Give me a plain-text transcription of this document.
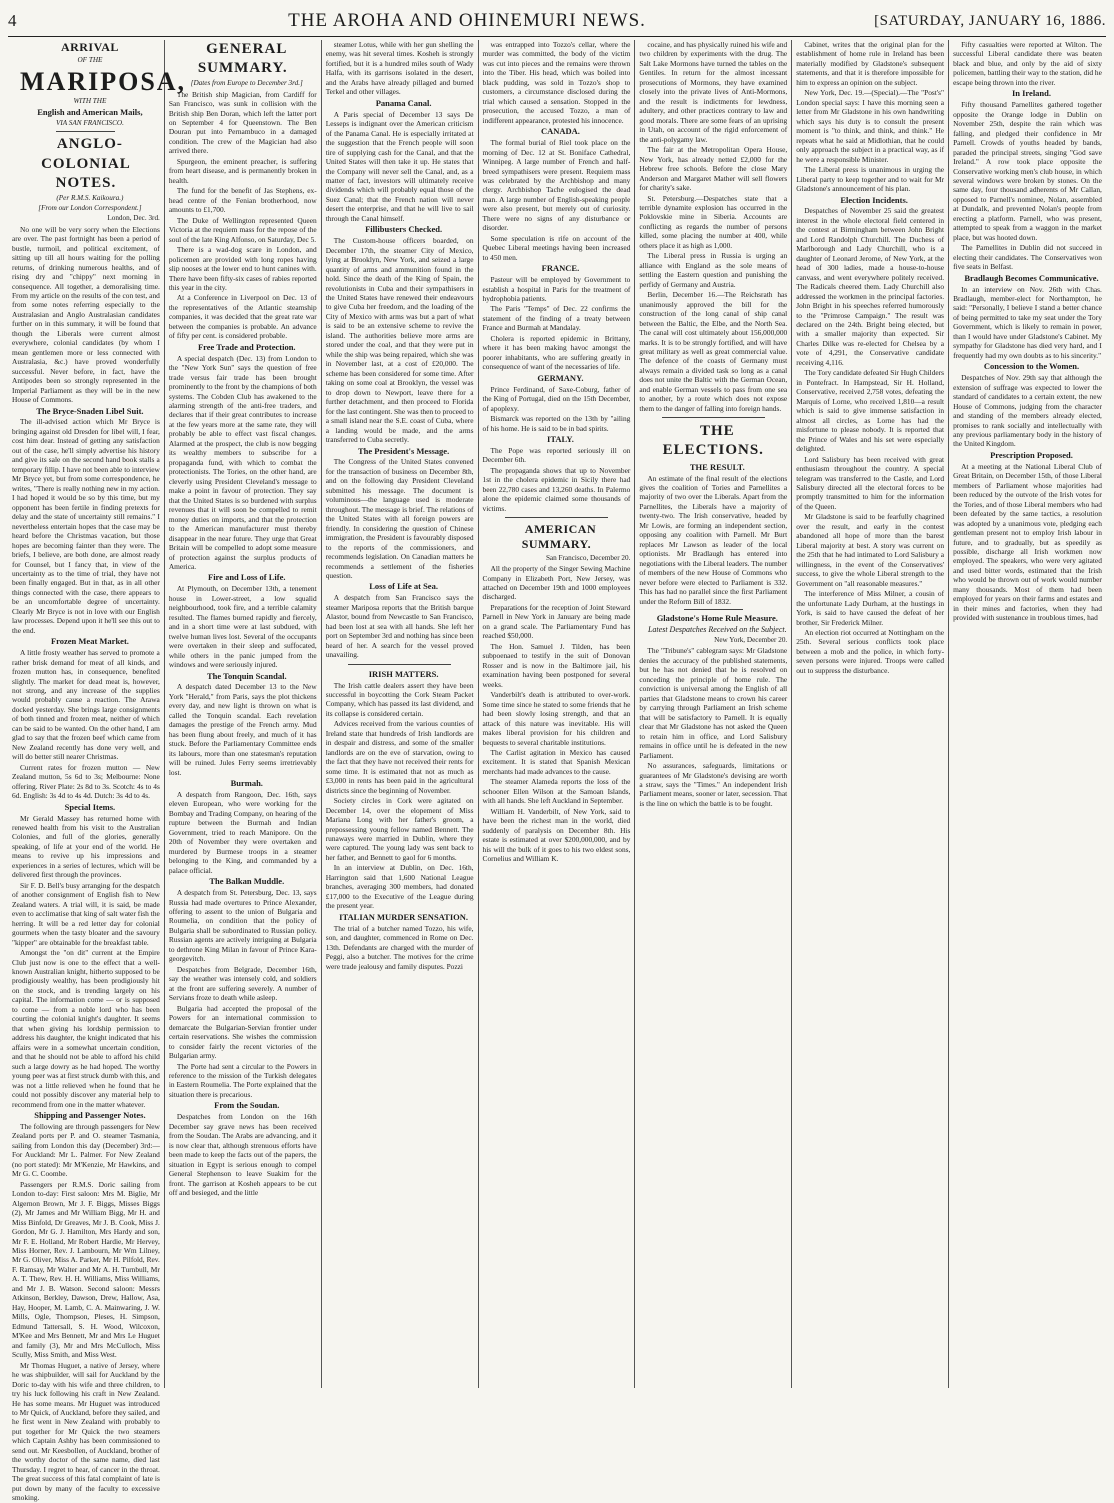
4	THE AROHA AND OHINEMURI NEWS.	[SATURDAY, JANUARY 16, 1886.

ARRIVAL

OF THE

MARIPOSA,

WITH THE

English and American Mails,

VIA SAN FRANCISCO.

ANGLO-COLONIAL NOTES.

(Per R.M.S. Kaikoura.)

[From our London Correspondent.]

London, Dec. 3rd.

No one will be very sorry when the Elections are over. The past fortnight has been a period of bustle, turmoil, and political excitement, of sitting up till all hours waiting for the polling returns, of drinking numerous healths, and of rising dry and "chippy" next morning in consequence. All together, a demoralising time. From my article on the results of the con test, and from some notes referring especially to the Australasian and Anglo Australasian candidates further on in this summary, it will be found that though the Liberals were current almost everywhere, colonial candidates (by whom I mean gentlemen more or less connected with Australasia, &c.) have proved wonderfully successful. Never before, in fact, have the Antipodes been so strongly represented in the Imperial Parliament as they will be in the new House of Commons.

The Bryce-Snaden Libel Suit.

The ill-advised action which Mr Bryce is bringing against old Dresden for libel will, I fear, cost him dear. Instead of getting any satisfaction out of the case, he'll simply advertise his history and give its sale on the second hand book stalls a temporary fillip. I have not been able to interview Mr Bryce yet, but from some correspondence, he writes, "There is really nothing new in my action. I had hoped it would be so by this time, but my opponent has been fertile in finding pretexts for delay and the state of uncertainty still remains." I nevertheless entertain hopes that the case may be heard before the Christmas vacation, but those hopes are becoming fainter than they were. The briefs, I believe, are both done, are almost ready for Counsel, but I fancy that, in view of the uncertainty as to the time of trial, they have not been finally engaged. But in that, as in all other things connected with the case, there appears to be an uncomfortable degree of uncertainty. Clearly Mr Bryce is not in love with our English law processes. Depend upon it he'll see this out to the end.

Frozen Meat Market.

A little frosty weather has served to promote a rather brisk demand for meat of all kinds, and frozen mutton has, in consequence, benefited slightly. The market for dead meat is, however, not strong, and any increase of the supplies would probably cause a reaction. The Arawa docked yesterday. She brings large consignments of both tinned and frozen meat, neither of which can be said to be wanted. On the other hand, I am glad to say that the frozen beef which came from New Zealand recently has done very well, and will do better still nearer Christmas.

Current rates for frozen mutton — New Zealand mutton, 5s 6d to 3s; Melbourne: None offering. River Plate: 2s 8d to 3s. Scotch: 4s to 4s 6d. English: 3s 4d to 4s 4d. Dutch: 3s 4d to 4s.

Special Items.

Mr Gerald Massey has returned home with renewed health from his visit to the Australian Colonies, and full of the glories, generally speaking, of life at your end of the world. He means to revive up his impressions and experiences in a series of lectures, which will be delivered first through the provinces.

Sir F. D. Bell's busy arranging for the despatch of another consignment of English fish to New Zealand waters. A trial will, it is said, be made even to acclimatise that king of salt water fish the herring. It will be a red letter day for colonial gourmets when the tasty bloater and the savoury "kipper" are obtainable for the breakfast table.

Amongst the "on dit" current at the Empire Club just now is one to the effect that a well-known Australian knight, hitherto supposed to be prodigiously wealthy, has been prodigiously hit on the stock, and is trending largely on his capital. The information come — or is supposed to come — from a noble lord who has been courting the colonial knight's daughter. It seems that when giving his lordship permission to address his daughter, the knight indicated that his affairs were in a somewhat uncertain condition, and that he should not be able to afford his child such a large dowry as he had hoped. The worthy young peer was at first struck dumb with this, and was not a little relieved when he found that he could not possibly discover any material help to recommend from one in the matter whatever.

Shipping and Passenger Notes.

The following are through passengers for New Zealand ports per P. and O. steamer Tasmania, sailing from London this day (December) 3rd:— For Auckland: Mr L. Palmer. For New Zealand (no port stated): Mr M'Kenzie, Mr Hawkins, and Mr G. C. Coombe.

Passengers per R.M.S. Doric sailing from London to-day: First saloon: Mrs M. Biglie, Mr Algernon Brown, Mr J. F. Biggs, Misses Biggs (2), Mr James and Mr William Bigg, Mr H. and Miss Binfold, Dr Greaves, Mr J. B. Cook, Miss J. Gordon, Mr G. J. Hamilton, Mrs Hardy and son, Mr F. E. Holland, Mr Robert Hardie, Mr Hervey, Miss Horner, Rev. J. Lambourn, Mr Wm Lilney, Mr G. Oliver, Miss A. Parker, Mr H. Pilfold, Rev. F. Ramsay, Mr Walter and Mr A. H. Turnbull, Mr A. T. Thew, Rev. H. H. Williams, Miss Williams, and Mr J. B. Watson. Second saloon: Messrs Atkinson, Berkley, Dawson, Drew, Hallow, Asa, Hay, Hooper, M. Lamb, C. A. Mainwaring, J. W. Mills, Ogle, Thompson, Pleses, H. Simpson, Edmund Tattersall, S. H. Wood, Wilcoxon, M'Kee and Mrs Bennett, Mr and Mrs Le Huguet and family (3), Mr and Mrs McCulloch, Miss Scully, Miss Smith, and Miss West.

Mr Thomas Huguet, a native of Jersey, where he was shipbuilder, will sail for Auckland by the Doric to-day with his wife and three children, to try his luck following his craft in New Zealand. He has some means. Mr Huguet was introduced to Mr Quick, of Auckland, before they sailed, and he first went in New Zealand with probably to put together for Mr Quick the two steamers which Captain Ashby has been commissioned to send out. Mr Keesbollen, of Auckland, brother of the worthy doctor of the same name, died last Thursday. I regret to hear, of cancer in the throat. The great success of this fatal complaint of late is put down by many of the faculty to excessive smoking.

GENERAL SUMMARY.

[Dates from Europe to December 3rd.]

The British ship Magician, from Cardiff for San Francisco, was sunk in collision with the British ship Ben Doran, which left the latter port on September 4 for Queenstown. The Ben Douran put into Pernambuco in a damaged condition. The crew of the Magician had also arrived there.

Spurgeon, the eminent preacher, is suffering from heart disease, and is permanently broken in health.

The fund for the benefit of Jas Stephens, ex-head centre of the Fenian brotherhood, now amounts to £1,700.

The Duke of Wellington represented Queen Victoria at the requiem mass for the repose of the soul of the late King Alfonso, on Saturday, Dec 5.

There is a wad-dog scare in London, and policemen are provided with long ropes having slip nooses at the lower end to hunt canines with. There have been fifty-six cases of rabies reported this year in the city.

At a Conference in Liverpool on Dec. 13 of the representatives of the Atlantic steamship companies, it was decided that the great rate war between the companies is probable. An advance of fifty per cent. is considered probable.

Free Trade and Protection.

A special despatch (Dec. 13) from London to the "New York Sun" says the question of free trade versus fair trade has been brought prominently to the front by the champions of both systems. The Cobden Club has awakened to the alarming strength of the anti-free traders, and declares that if their great contributes to increase at the few years more at the same rate, they will probably be able to effect vast fiscal changes. Alarmed at the prospect, the club is now begging its wealthy members to subscribe for a propaganda fund, with which to combat the protectionists. The Tories, on the other hand, are cleverly using President Cleveland's message to make a point in favour of protection. They say that the United States is so burdened with surplus revenues that it will soon be compelled to remit money duties on imports, and that the protection to the American manufacturer must thereby disappear in the near future. They urge that Great Britain will be compelled to adopt some measure of protection against the surplus products of America.

Fire and Loss of Life.

At Plymouth, on December 13th, a tenement house in Lower-street, a low squalid neighbourhood, took fire, and a terrible calamity resulted. The flames burned rapidly and fiercely, and in a short time were at last subdued, with twelve human lives lost. Several of the occupants were overtaken in their sleep and suffocated, while others in the panic jumped from the windows and were seriously injured.

The Tonquin Scandal.

A despatch dated December 13 to the New York "Herald," from Paris, says the plot thickens every day, and new light is thrown on what is called the Tonquin scandal. Each revelation damages the prestige of the French army. Mud has been flung about freely, and much of it has stuck. Before the Parliamentary Committee ends its labours, more than one statesman's reputation will be ruined. Jules Ferry seems irretrievably lost.

Burmah.

A despatch from Rangoon, Dec. 16th, says eleven European, who were working for the Bombay and Trading Company, on hearing of the rupture between the Burmah and Indian Government, tried to reach Manipore. On the 20th of November they were overtaken and murdered by Burmese troops in a steamer belonging to the King, and commanded by a palace official.

The Balkan Muddle.

A despatch from St. Petersburg, Dec. 13, says Russia had made overtures to Prince Alexander, offering to assent to the union of Bulgaria and Roumelia, on condition that the policy of Bulgaria shall be subordinated to Russian policy. Russian agents are actively intriguing at Bulgaria to dethrone King Milan in favour of Prince Kara-georgevitch.

Despatches from Belgrade, December 16th, say the weather was intensely cold, and soldiers at the front are suffering severely. A number of Servians froze to death while asleep.

Bulgaria had accepted the proposal of the Powers for an international commission to demarcate the Bulgarian-Servian frontier under certain reservations. She wishes the commission to consider fairly the recent victories of the Bulgarian army.

The Porte had sent a circular to the Powers in reference to the mission of the Turkish delegates in Eastern Roumelia. The Porte explained that the situation there is precarious.

From the Soudan.

Despatches from London on the 16th December say grave news has been received from the Soudan. The Arabs are advancing, and it is now clear that, although strenuous efforts have been made to keep the facts out of the papers, the situation in Egypt is serious enough to compel General Stephenson to leave Suakim for the front. The garrison at Kosheh appears to be cut off and besieged, and the little

steamer Lotus, while with her gun shelling the enemy, was hit several times. Kosheh is strongly fortified, but it is a hundred miles south of Wady Halfa, with its garrisons isolated in the desert, and the Arabs have already pillaged and burned Terkel and other villages.

Panama Canal.

A Paris special of December 13 says De Lesseps is indignant over the American criticism of the Panama Canal. He is especially irritated at the suggestion that the French people will soon tire of supplying cash for the Canal, and that the United States will then take it up. He states that the Company will never sell the Canal, and, as a matter of fact, investors will ultimately receive dividends which will probably equal those of the Suez Canal; that the French nation will never desert the enterprise, and that he will live to sail through the Canal himself.

Fillibusters Checked.

The Custom-house officers boarded, on December 17th, the steamer City of Mexico, lying at Brooklyn, New York, and seized a large quantity of arms and ammunition found in the hold. Since the death of the King of Spain, the revolutionists in Cuba and their sympathisers in the United States have renewed their endeavours to give Cuba her freedom, and the loading of the City of Mexico with arms was but a part of what is said to be an extensive scheme to revive the island. The authorities believe more arms are stored under the coal, and that they were put in while the ship was being repaired, which she was in November last, at a cost of £20,000. The scheme has been considered for some time. After taking on some coal at Brooklyn, the vessel was to drop down to Newport, leave there for a further detachment, and then proceed to Florida for the last contingent. She was then to proceed to a small island near the S.E. coast of Cuba, where a landing would be made, and the arms transferred to Cuba secretly.

The President's Message.

The Congress of the United States convened for the transaction of business on December 8th, and on the following day President Cleveland submitted his message. The document is voluminous—the language used is moderate throughout. The message is brief. The relations of the United States with all foreign powers are friendly. In considering the question of Chinese immigration, the President is favourably disposed to the reports of the commissioners, and recommends legislation. On Canadian matters he recommends a settlement of the fisheries question.

Loss of Life at Sea.

A despatch from San Francisco says the steamer Mariposa reports that the British barque Alastor, bound from Newcastle to San Francisco, had been lost at sea with all hands. She left her port on September 3rd and nothing has since been heard of her. A search for the vessel proved unavailing.

IRISH MATTERS.

The Irish cattle dealers assert they have been successful in boycotting the Cork Steam Packet Company, which has passed its last dividend, and its collapse is considered certain.

Advices received from the various counties of Ireland state that hundreds of Irish landlords are in despair and distress, and some of the smaller landlords are on the eve of starvation, owing to the fact that they have not received their rents for some time. It is estimated that not as much as £3,000 in rents has been paid in the agricultural districts since the beginning of November.

Society circles in Cork were agitated on December 14, over the elopement of Miss Mariana Long with her father's groom, a prepossessing young fellow named Bennett. The runaways were married in Dublin, where they were captured. The young lady was sent back to her father, and Bennett to gaol for 6 months.

In an interview at Dublin, on Dec. 16th, Harrington said that 1,600 National League branches, averaging 300 members, had donated £17,000 to the Executive of the League during the present year.

ITALIAN MURDER SENSATION.

The trial of a butcher named Tozzo, his wife, son, and daughter, commenced in Rome on Dec. 13th. Defendants are charged with the murder of Peggi, also a butcher. The motives for the crime were trade jealousy and family disputes. Pozzi

was entrapped into Tozzo's cellar, where the murder was committed, the body of the victim was cut into pieces and the remains were thrown into the Tiber. His head, which was boiled into black pudding, was sold in Tozzo's shop to customers, a circumstance disclosed during the trial which caused a sensation. Stopped in the prosecution, the accused Tozzo, a man of indifferent appearance, protested his innocence.

CANADA.

The formal burial of Riel took place on the morning of Dec. 12 at St. Boniface Cathedral, Winnipeg. A large number of French and half-breed sympathisers were present. Requiem mass was celebrated by the Archbishop and many clergy. Archbishop Tache eulogised the dead man. A large number of English-speaking people were also present, but merely out of curiosity. There were no signs of any disturbance or disorder.

Some speculation is rife on account of the Quebec Liberal meetings having been increased to 450 men.

FRANCE.

Pasteur will be employed by Government to establish a hospital in Paris for the treatment of hydrophobia patients.

The Paris "Temps" of Dec. 22 confirms the statement of the finding of a treaty between France and Burmah at Mandalay.

Cholera is reported epidemic in Brittany, where it has been making havoc amongst the poorer inhabitants, who are suffering greatly in consequence of want of the necessaries of life.

GERMANY.

Prince Ferdinand, of Saxe-Coburg, father of the King of Portugal, died on the 15th December, of apoplexy.

Bismarck was reported on the 13th by "ailing of his home. He is said to be in bad spirits.

ITALY.

The Pope was reported seriously ill on December 6th.

The propaganda shows that up to November 1st in the cholera epidemic in Sicily there had been 22,780 cases and 13,260 deaths. In Palermo alone the epidemic claimed some thousands of victims.

AMERICAN SUMMARY.

San Francisco, December 20.

All the property of the Singer Sewing Machine Company in Elizabeth Port, New Jersey, was attached on December 19th and 1000 employees discharged.

Preparations for the reception of Joint Steward Parnell in New York in January are being made on a grand scale. The Parliamentary Fund has reached $50,000.

The Hon. Samuel J. Tilden, has been subpoenaed to testify in the suit of Donovan Rosser and is now in the Baltimore jail, his examination having been postponed for several weeks.

Vanderbilt's death is attributed to over-work. Some time since he stated to some friends that he had been slowly losing strength, and that an attack of this nature was inevitable. His will makes liberal provision for his children and bequests to several charitable institutions.

The Carlist agitation in Mexico has caused excitement. It is stated that Spanish Mexican merchants had made advances to the cause.

The steamer Alameda reports the loss of the schooner Ellen Wilson at the Samoan Islands, with all hands. She left Auckland in September.

William H. Vanderbilt, of New York, said to have been the richest man in the world, died suddenly of paralysis on December 8th. His estate is estimated at over $200,000,000, and by his will the bulk of it goes to his two eldest sons, Cornelius and William K.

cocaine, and has physically ruined his wife and two children by experiments with the drug. The Salt Lake Mormons have turned the tables on the Gentiles. In return for the almost incessant prosecutions of Mormons, they have examined closely into the private lives of Anti-Mormons, and the result is indictments for lewdness, adultery, and other practices contrary to law and good morals. There are some fears of an uprising in Utah, on account of the rigid enforcement of the anti-polygamy law.

The fair at the Metropolitan Opera House, New York, has already netted £2,000 for the Hebrew free schools. Before the close Mary Anderson and Margaret Mather will sell flowers for charity's sake.

St. Petersburg.—Despatches state that a terrible dynamite explosion has occurred in the Poklovskie mine in Siberia. Accounts are conflicting as regards the number of persons killed, some placing the number at 400, while others place it as high as 1,000.

The Liberal press in Russia is urging an alliance with England as the sole means of settling the Eastern question and punishing the perfidy of Germany and Austria.

Berlin, December 16.—The Reichsrath has unanimously approved the bill for the construction of the long canal of ship canal between the Baltic, the Elbe, and the North Sea. The canal will cost ultimately about 156,000,000 marks. It is to be strongly fortified, and will have great military as well as great commercial value. The defence of the coasts of Germany must always remain a divided task so long as a canal does not unite the Baltic with the German Ocean, and enable German vessels to pass from one sea to another, by a route which does not expose them to the danger of falling into foreign hands.

THE ELECTIONS.

THE RESULT.

An estimate of the final result of the elections gives the coalition of Tories and Parnellites a majority of two over the Liberals. Apart from the Parnellites, the Liberals have a majority of twenty-two. The Irish conservative, headed by Mr Lowis, are forming an independent section, opposing any coalition with Parnell. Mr Burt replaces Mr Lawson as leader of the local optionists. Mr Bradlaugh has entered into negotiations with the Liberal leaders. The number of members of the new House of Commons who never before were elected to Parliament is 332. This has had no parallel since the first Parliament under the Reform Bill of 1832.

Gladstone's Home Rule Measure.

Latest Despatches Received on the Subject.

New York, December 20.

The "Tribune's" cablegram says: Mr Gladstone denies the accuracy of the published statements, but he has not denied that he is resolved on conceding the principle of home rule. The conviction is universal among the English of all parties that Gladstone means to crown his career by carrying through Parliament an Irish scheme that will be satisfactory to Parnell. It is equally clear that Mr Gladstone has not asked the Queen to retain him in office, and Lord Salisbury remains in office until he is defeated in the new Parliament.

No assurances, safeguards, limitations or guarantees of Mr Gladstone's devising are worth a straw, says the "Times." An independent Irish Parliament means, sooner or later, secession. That is the line on which the battle is to be fought.

Cabinet, writes that the original plan for the establishment of home rule in Ireland has been materially modified by Gladstone's subsequent statements, and that it is therefore impossible for him to express an opinion on the subject.

New York, Dec. 19.—(Special).—The "Post's" London special says: I have this morning seen a letter from Mr Gladstone in his own handwriting which says his duty is to consult the present moment is "to think, and think, and think." He repeats what he said at Midlothian, that he could only approach the subject in a practical way, as if he were a responsible Minister.

The Liberal press is unanimous in urging the Liberal party to keep together and to wait for Mr Gladstone's announcement of his plan.

Election Incidents.

Despatches of November 25 said the greatest interest in the whole electoral field centered in the contest at Birmingham between John Bright and Lord Randolph Churchill. The Duchess of Marlborough and Lady Churchill, who is a daughter of Leonard Jerome, of New York, at the head of 300 ladies, made a house-to-house canvass, and went everywhere politely received. The Radicals cheered them. Lady Churchill also addressed the workmen in the principal factories. John Bright in his speeches referred humorously to the "Primrose Campaign." The result was declared on the 24th. Bright being elected, but with a smaller majority than expected. Sir Charles Dilke was re-elected for Chelsea by a vote of 4,291, the Conservative candidate receiving 4,116.

The Tory candidate defeated Sir Hugh Childers in Pontefract. In Hampstead, Sir H. Holland, Conservative, received 2,758 votes, defeating the Marquis of Lorne, who received 1,810—a result which is said to give immense satisfaction in almost all circles, as Lorne has had the misfortune to please nobody. It is reported that the Prince of Wales and his set were especially delighted.

Lord Salisbury has been received with great enthusiasm throughout the country. A special telegram was transferred to the Castle, and Lord Salisbury directed all the electoral forces to be promptly transmitted to him for the information of the Queen.

Mr Gladstone is said to be fearfully chagrined over the result, and early in the contest abandoned all hope of more than the barest Liberal majority at best. A story was current on the 25th that he had intimated to Lord Salisbury a willingness, in the event of the Conservatives' success, to give the whole Liberal strength to the Government on "all reasonable measures."

The interference of Miss Milner, a cousin of the unfortunate Lady Durham, at the hustings in York, is said to have caused the defeat of her brother, Sir Frederick Milner.

An election riot occurred at Nottingham on the 25th. Several serious conflicts took place between a mob and the police, in which forty-seven persons were injured. Troops were called out to suppress the disturbance.

Fifty casualties were reported at Wilton. The successful Liberal candidate there was beaten black and blue, and only by the aid of sixty policemen, battling their way to the station, did he escape being thrown into the river.

In Ireland.

Fifty thousand Parnellites gathered together opposite the Orange lodge in Dublin on November 25th, despite the rain which was falling, and pledged their confidence in Mr Parnell. Crowds of youths headed by bands, paraded the principal streets, singing "God save Ireland." A row took place opposite the Conservative working men's club house, in which several windows were broken by stones. On the same day, four thousand adherents of Mr Callan, opposed to Parnell's nominee, Nolan, assembled at Dundalk, and prevented Nolan's people from erecting a platform. Parnell, who was present, attempted to speak from a waggon in the market place, but was hooted down.

The Parnellites in Dublin did not succeed in electing their candidates. The Conservatives won five seats in Belfast.

Bradlaugh Becomes Communicative.

In an interview on Nov. 26th with Chas. Bradlaugh, member-elect for Northampton, he said: "Personally, I believe I stand a better chance of being permitted to take my seat under the Tory Government, which is likely to remain in power, than I would have under Gladstone's Cabinet. My sympathy for Gladstone has died very hard, and I frequently had my own doubts as to his sincerity."

Concession to the Women.

Despatches of Nov. 29th say that although the extension of suffrage was expected to lower the standard of candidates to a certain extent, the new House of Commons, judging from the character and standing of the members already elected, promises to rank socially and intellectually with any previous parliamentary body in the history of the United Kingdom.

Prescription Proposed.

At a meeting at the National Liberal Club of Great Britain, on December 15th, of those Liberal members of Parliament whose majorities had been reduced by the outvote of the Irish votes for the Tories, and of those Liberal members who had been defeated by the same tactics, a resolution was adopted by a unanimous vote, pledging each gentleman present not to employ Irish labour in future, and to gradually, but as speedily as possible, discharge all Irish workmen now employed. The speakers, who were very agitated and used bitter words, estimated that the Irish who would be thrown out of work would number many thousands. Most of them had been employed for years on their farms and estates and in their mines and factories, when they had provided with sustenance in troublous times, had
